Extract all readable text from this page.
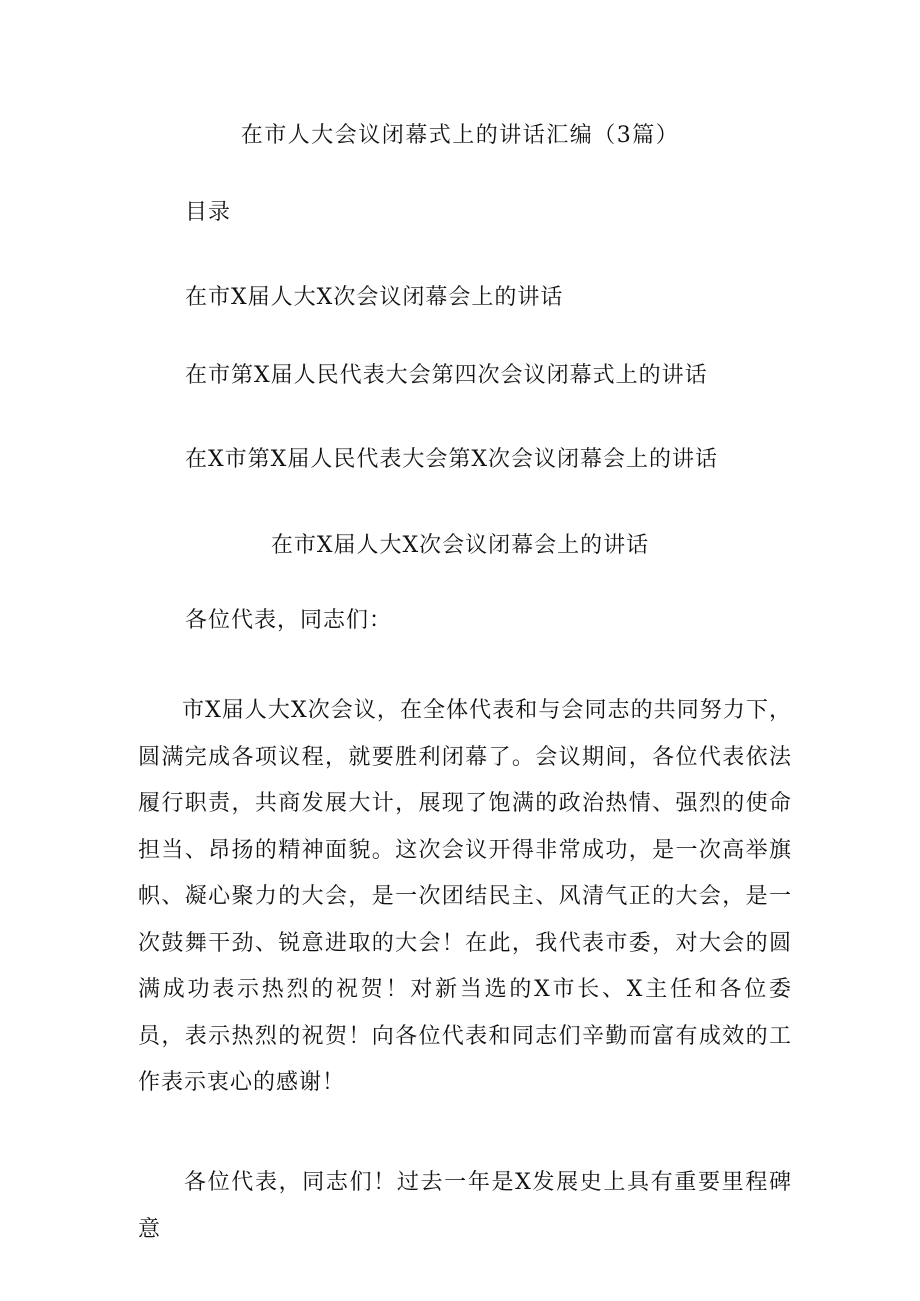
在市人大会议闭幕式上的讲话汇编（3篇）
目录
在市X届人大X次会议闭幕会上的讲话
在市第X届人民代表大会第四次会议闭幕式上的讲话
在X市第X届人民代表大会第X次会议闭幕会上的讲话
在市X届人大X次会议闭幕会上的讲话
各位代表，同志们：
市X届人大X次会议，在全体代表和与会同志的共同努力下，圆满完成各项议程，就要胜利闭幕了。会议期间，各位代表依法履行职责，共商发展大计，展现了饱满的政治热情、强烈的使命担当、昂扬的精神面貌。这次会议开得非常成功，是一次高举旗帜、凝心聚力的大会，是一次团结民主、风清气正的大会，是一次鼓舞干劲、锐意进取的大会！在此，我代表市委，对大会的圆满成功表示热烈的祝贺！对新当选的X市长、X主任和各位委员，表示热烈的祝贺！向各位代表和同志们辛勤而富有成效的工作表示衷心的感谢！
各位代表，同志们！过去一年是X发展史上具有重要里程碑意
